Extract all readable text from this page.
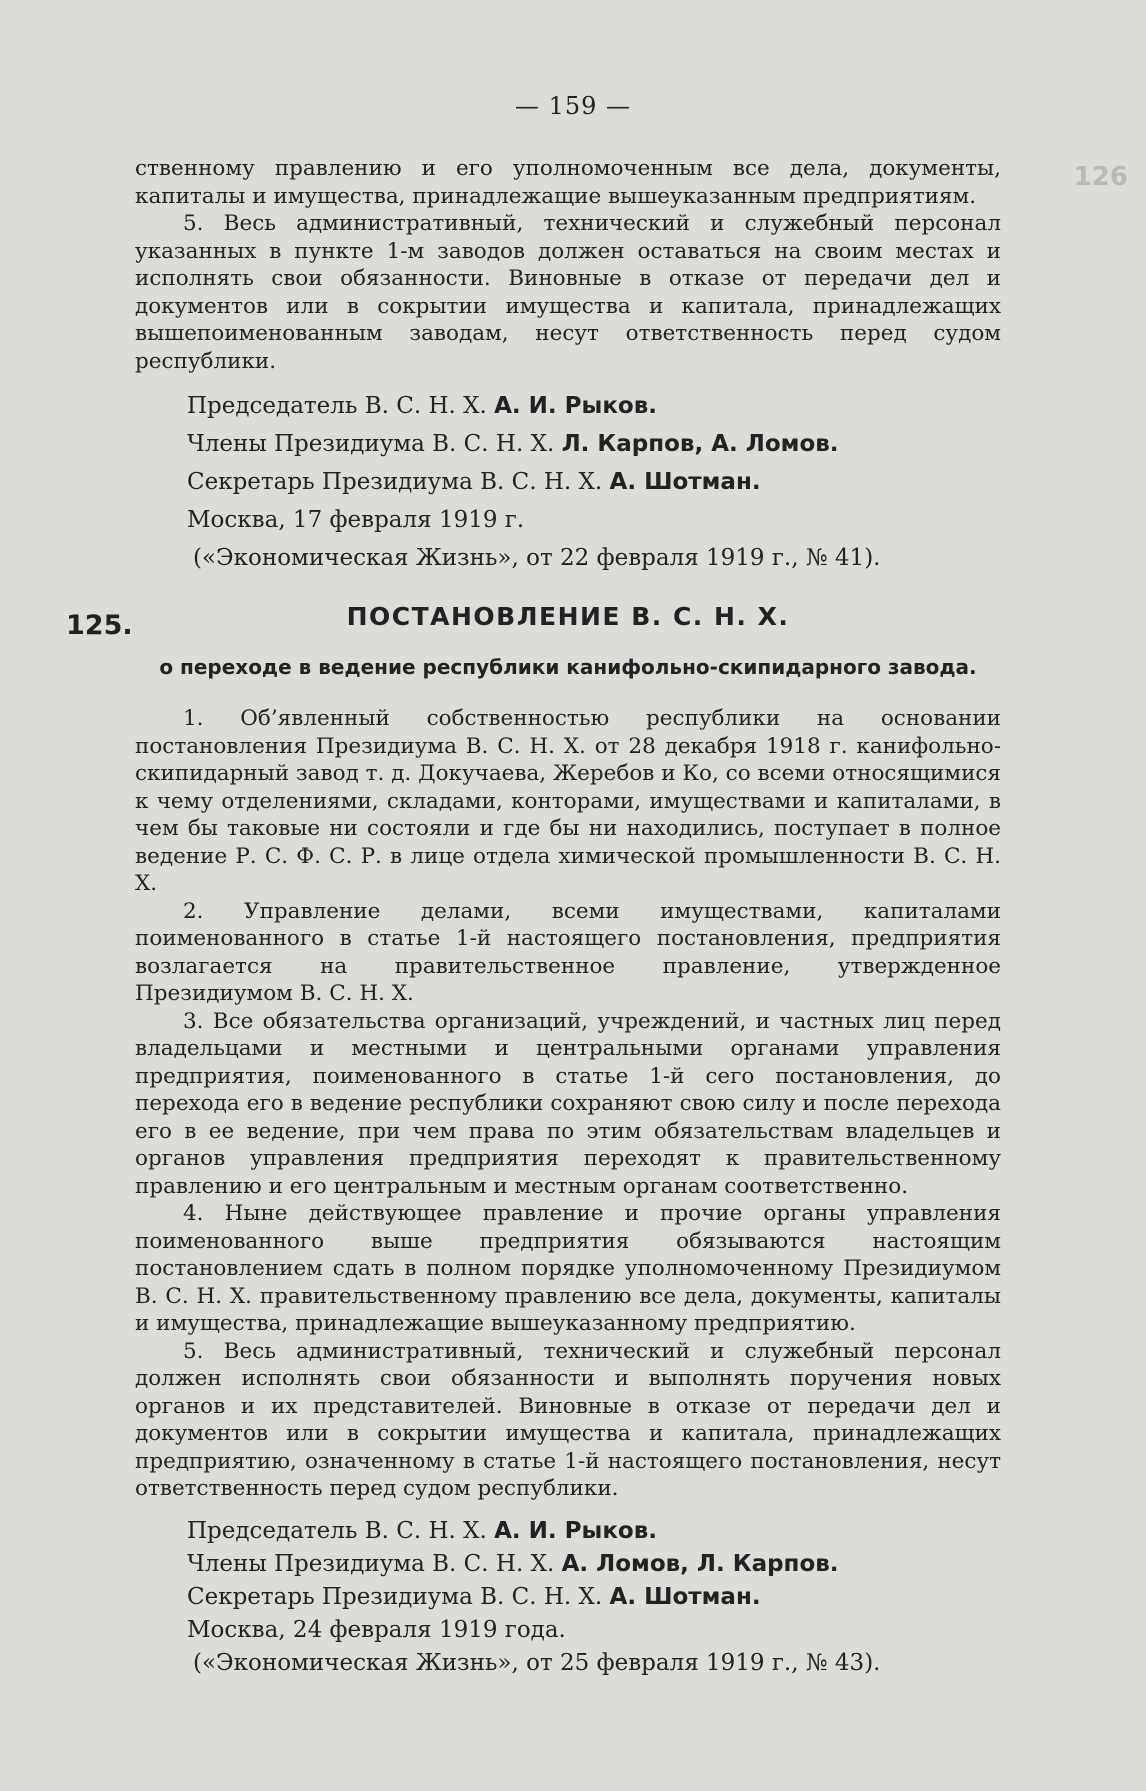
126
— 159 —

ственному правлению и его уполномоченным все дела, документы, капиталы и имущества, принадлежащие вышеуказанным предприятиям.

5. Весь административный, технический и служебный персонал указанных в пункте 1-м заводов должен оставаться на своим местах и исполнять свои обязанности. Виновные в отказе от передачи дел и документов или в сокрытии имущества и капитала, принадлежащих вышепоименованным заводам, несут ответственность перед судом республики.

Председатель В. С. Н. Х. А. И. Рыков.

Члены Президиума В. С. Н. Х. Л. Карпов, А. Ломов.

Секретарь Президиума В. С. Н. Х. А. Шотман.

Москва, 17 февраля 1919 г.

(«Экономическая Жизнь», от 22 февраля 1919 г., № 41).

125.	ПОСТАНОВЛЕНИЕ В. С. Н. Х.
о переходе в ведение республики канифольно-скипидарного завода.

1. Об’явленный собственностью республики на основании постановления Президиума В. С. Н. Х. от 28 декабря 1918 г. канифольно-скипидарный завод т. д. Докучаева, Жеребов и Ко, со всеми относящимися к чему отделениями, складами, конторами, имуществами и капиталами, в чем бы таковые ни состояли и где бы ни находились, поступает в полное ведение Р. С. Ф. С. Р. в лице отдела химической промышленности В. С. Н. Х.

2. Управление делами, всеми имуществами, капиталами поименованного в статье 1-й настоящего постановления, предприятия возлагается на правительственное правление, утвержденное Президиумом В. С. Н. Х.

3. Все обязательства организаций, учреждений, и частных лиц перед владельцами и местными и центральными органами управления предприятия, поименованного в статье 1-й сего постановления, до перехода его в ведение республики сохраняют свою силу и после перехода его в ее ведение, при чем права по этим обязательствам владельцев и органов управления предприятия переходят к правительственному правлению и его центральным и местным органам соответственно.

4. Ныне действующее правление и прочие органы управления поименованного выше предприятия обязываются настоящим постановлением сдать в полном порядке уполномоченному Президиумом В. С. Н. Х. правительственному правлению все дела, документы, капиталы и имущества, принадлежащие вышеуказанному предприятию.

5. Весь административный, технический и служебный персонал должен исполнять свои обязанности и выполнять поручения новых органов и их представителей. Виновные в отказе от передачи дел и документов или в сокрытии имущества и капитала, принадлежащих предприятию, означенному в статье 1-й настоящего постановления, несут ответственность перед судом республики.

Председатель В. С. Н. Х. А. И. Рыков.

Члены Президиума В. С. Н. Х. А. Ломов, Л. Карпов.

Секретарь Президиума В. С. Н. Х. А. Шотман.

Москва, 24 февраля 1919 года.

(«Экономическая Жизнь», от 25 февраля 1919 г., № 43).
